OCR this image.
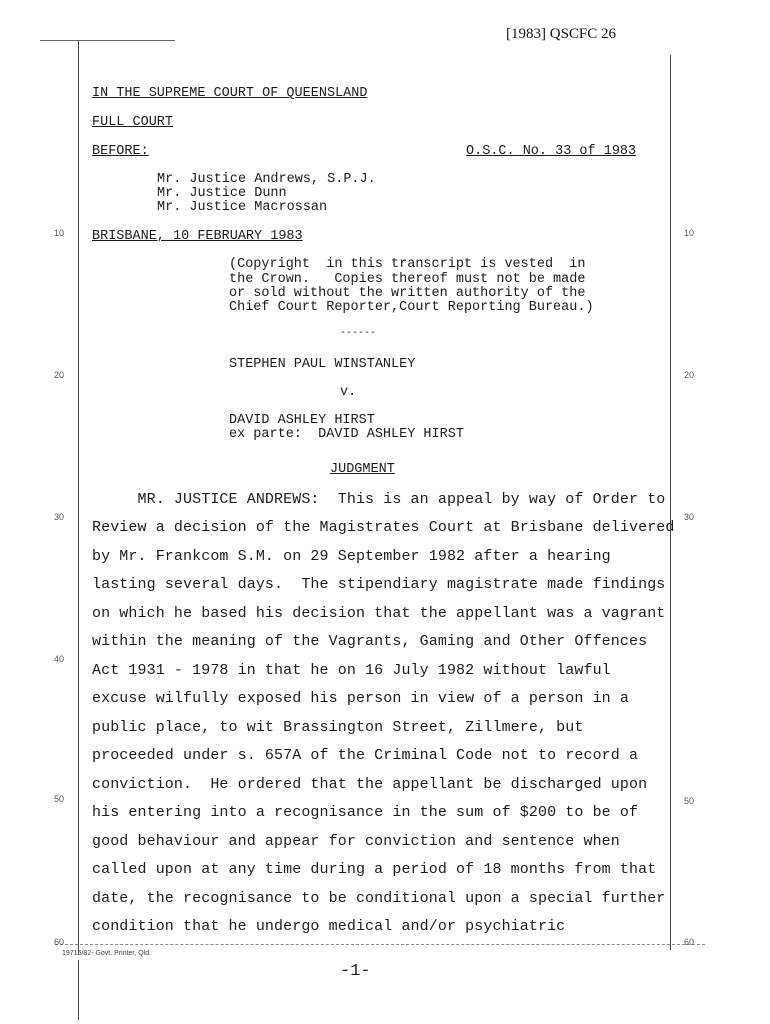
[1983] QSCFC 26
IN THE SUPREME COURT OF QUEENSLAND
FULL COURT
BEFORE:	O.S.C. No. 33 of 1983
Mr. Justice Andrews, S.P.J.
Mr. Justice Dunn
Mr. Justice Macrossan
BRISBANE, 10 FEBRUARY 1983
(Copyright  in this transcript is vested  in
the Crown.   Copies thereof must not be made
or sold without the written authority of the
Chief Court Reporter,Court Reporting Bureau.)
------
STEPHEN PAUL WINSTANLEY
v.
DAVID ASHLEY HIRST
ex parte:  DAVID ASHLEY HIRST
JUDGMENT
MR. JUSTICE ANDREWS:  This is an appeal by way of Order to
Review a decision of the Magistrates Court at Brisbane delivered
by Mr. Frankcom S.M. on 29 September 1982 after a hearing
lasting several days.  The stipendiary magistrate made findings
on which he based his decision that the appellant was a vagrant
within the meaning of the Vagrants, Gaming and Other Offences
Act 1931 - 1978 in that he on 16 July 1982 without lawful
excuse wilfully exposed his person in view of a person in a
public place, to wit Brassington Street, Zillmere, but
proceeded under s. 657A of the Criminal Code not to record a
conviction.  He ordered that the appellant be discharged upon
his entering into a recognisance in the sum of $200 to be of
good behaviour and appear for conviction and sentence when
called upon at any time during a period of 18 months from that
date, the recognisance to be conditional upon a special further
condition that he undergo medical and/or psychiatric
10
20
30
40
50
60
10
20
30
50
60
19716/82- Govt. Printer, Qld.
-1-
